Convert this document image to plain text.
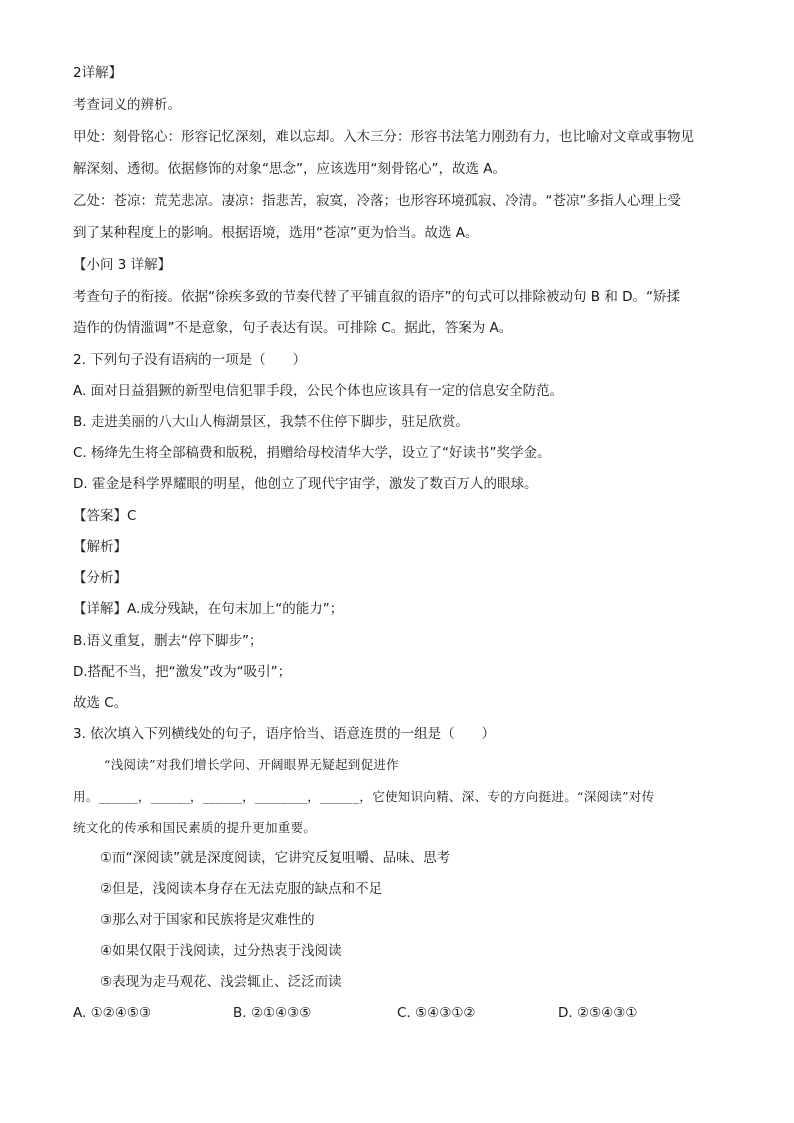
2详解】
考查词义的辨析。
甲处：刻骨铭心：形容记忆深刻，难以忘却。入木三分：形容书法笔力刚劲有力，也比喻对文章或事物见
解深刻、透彻。依据修饰的对象“思念”，应该选用“刻骨铭心”，故选 A。
乙处：苍凉：荒芜悲凉。凄凉：指悲苦，寂寞，冷落；也形容环境孤寂、冷清。“苍凉”多指人心理上受
到了某种程度上的影响。根据语境，选用“苍凉”更为恰当。故选 A。
【小问 3 详解】
考查句子的衔接。依据“徐疾多致的节奏代替了平铺直叙的语序”的句式可以排除被动句 B 和 D。“矫揉
造作的伪情滥调”不是意象，句子表达有误。可排除 C。据此，答案为 A。
2. 下列句子没有语病的一项是（　　）
A. 面对日益猖獗的新型电信犯罪手段，公民个体也应该具有一定的信息安全防范。
B. 走进美丽的八大山人梅湖景区，我禁不住停下脚步，驻足欣赏。
C. 杨绛先生将全部稿费和版税，捐赠给母校清华大学，设立了“好读书”奖学金。
D. 霍金是科学界耀眼的明星，他创立了现代宇宙学，激发了数百万人的眼球。
【答案】C
【解析】
【分析】
【详解】A.成分残缺，在句末加上“的能力”；
B.语义重复，删去“停下脚步”；
D.搭配不当，把“激发”改为“吸引”；
故选 C。
3. 依次填入下列横线处的句子，语序恰当、语意连贯的一组是（　　）
“浅阅读”对我们增长学问、开阔眼界无疑起到促进作
用。______，______，______，________，______，它使知识向精、深、专的方向挺进。“深阅读”对传
统文化的传承和国民素质的提升更加重要。
①而“深阅读”就是深度阅读，它讲究反复咀嚼、品味、思考
②但是，浅阅读本身存在无法克服的缺点和不足
③那么对于国家和民族将是灾难性的
④如果仅限于浅阅读，过分热衷于浅阅读
⑤表现为走马观花、浅尝辄止、泛泛而读
A. ①②④⑤③	B. ②①④③⑤	C. ⑤④③①②	D. ②⑤④③①
